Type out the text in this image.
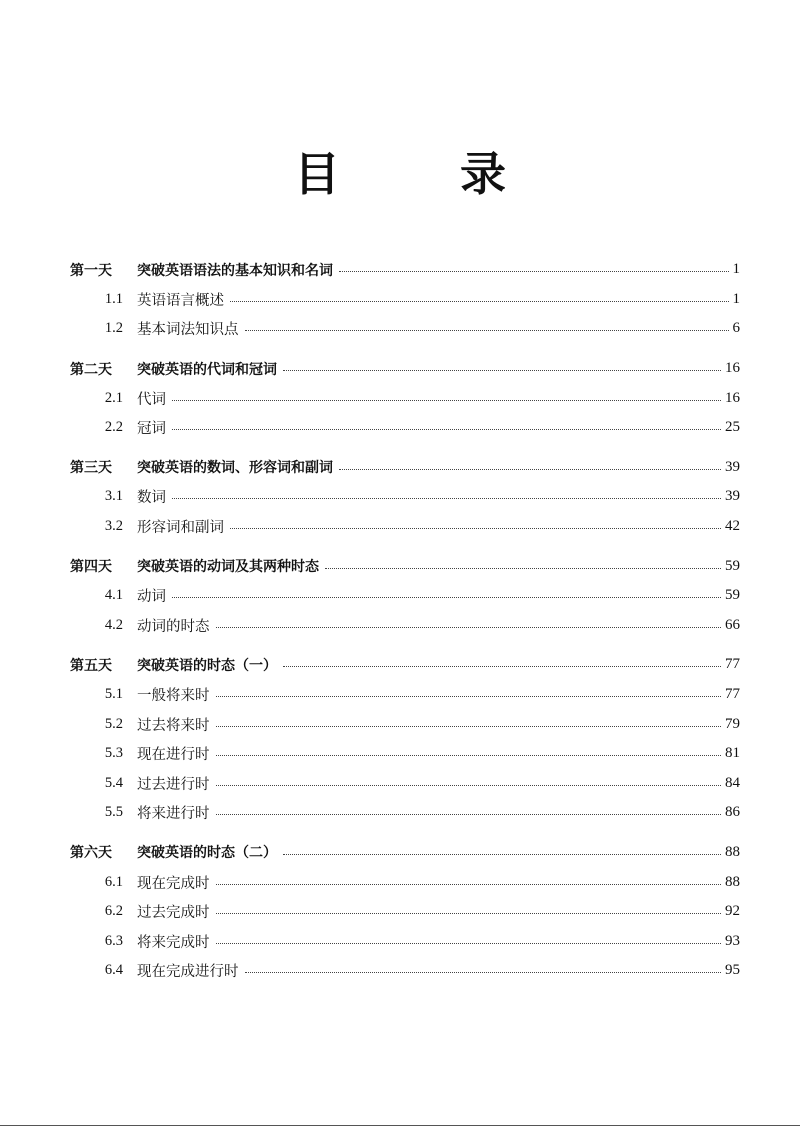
目 录
第一天 突破英语语法的基本知识和名词	1
1.1 英语语言概述	1
1.2 基本词法知识点	6
第二天 突破英语的代词和冠词	16
2.1 代词	16
2.2 冠词	25
第三天 突破英语的数词、形容词和副词	39
3.1 数词	39
3.2 形容词和副词	42
第四天 突破英语的动词及其两种时态	59
4.1 动词	59
4.2 动词的时态	66
第五天 突破英语的时态（一）	77
5.1 一般将来时	77
5.2 过去将来时	79
5.3 现在进行时	81
5.4 过去进行时	84
5.5 将来进行时	86
第六天 突破英语的时态（二）	88
6.1 现在完成时	88
6.2 过去完成时	92
6.3 将来完成时	93
6.4 现在完成进行时	95
